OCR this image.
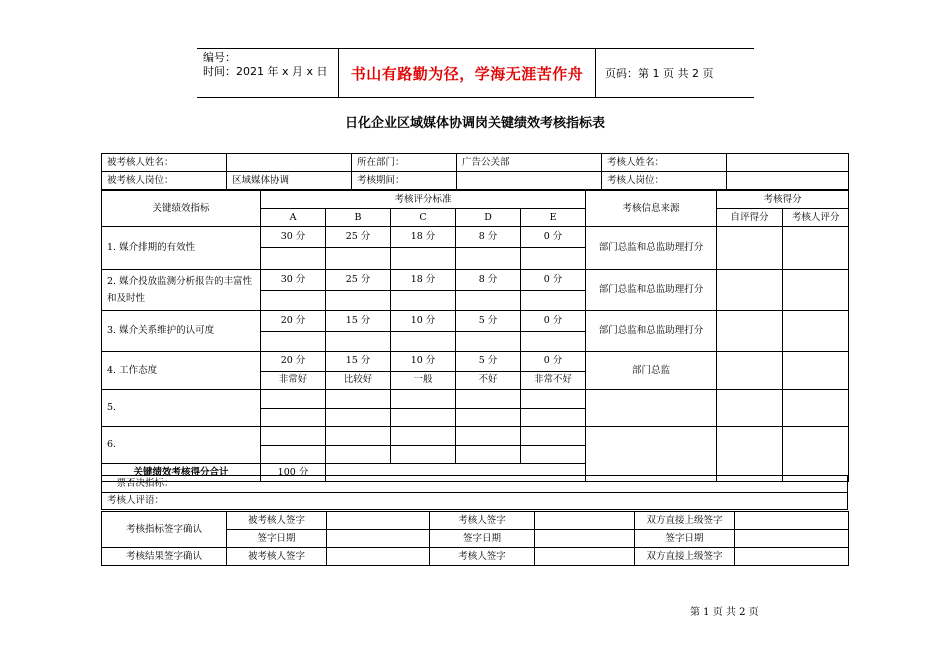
编号：
时间：2021 年 x 月 x 日	书山有路勤为径，学海无涯苦作舟	页码：第 1 页 共 2 页
日化企业区域媒体协调岗关键绩效考核指标表
被考核人姓名：		所在部门：	广告公关部	考核人姓名：	
被考核人岗位：	区域媒体协调	考核期间：		考核人岗位：	
关键绩效指标	考核评分标准					考核信息来源	考核得分	
	A	B	C	D	E		自评得分	考核人评分
1. 媒介排期的有效性	30 分	25 分	18 分	8 分	0 分	部门总监和总监助理打分		

2. 媒介投放监测分析报告的丰富性和及时性	30 分	25 分	18 分	8 分	0 分	部门总监和总监助理打分		

3. 媒介关系维护的认可度	20 分	15 分	10 分	5 分	0 分	部门总监和总监助理打分		

4. 工作态度	20 分	15 分	10 分	5 分	0 分	部门总监		
	非常好	比较好	一般	不好	非常不好			
5.								

6.								

关键绩效考核得分合计	100 分							
一票否决指标：
考核人评语：
考核指标签字确认	被考核人签字		考核人签字		双方直接上级签字	
	签字日期		签字日期		签字日期	
考核结果签字确认	被考核人签字		考核人签字		双方直接上级签字	
第 1 页 共 2 页
